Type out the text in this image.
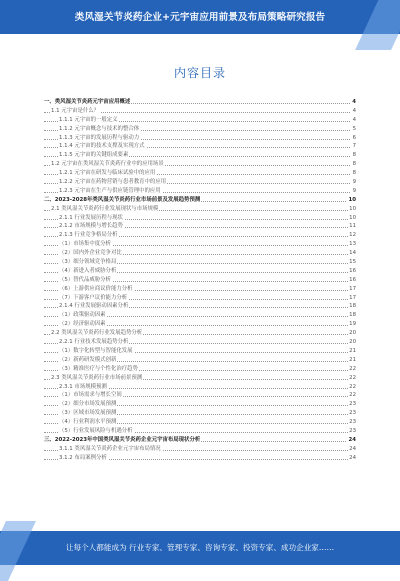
类风湿关节炎药企业+元宇宙应用前景及布局策略研究报告
内容目录
一、类风湿关节炎药元宇宙应用概述	4
1.1 元宇宙是什么？	4
1.1.1 元宇宙的一般定义	4
1.1.2 元宇宙概念与技术的整合体	5
1.1.3 元宇宙的发展历程与驱动力	6
1.1.4 元宇宙的技术支撑及实现方式	7
1.1.5 元宇宙的关键组成要素	8
1.2 元宇宙在类风湿关节炎药行业中的应用场景	8
1.2.1 元宇宙在研发与临床试验中的应用	8
1.2.2 元宇宙在药物营销与患者教育中的应用	9
1.2.3 元宇宙在生产与供应链管理中的应用	9
二、2023-2028年类风湿关节炎药行业市场前景及发展趋势预测	10
2.1 类风湿关节炎药行业发展现状与市场规模	10
2.1.1 行业发展历程与现状	10
2.1.2 市场规模与增长趋势	11
2.1.3 行业竞争格局分析	12
（1）市场集中度分析	13
（2）国内外企业竞争对比	14
（3）细分领域竞争格局	15
（4）新进入者威胁分析	16
（5）替代品威胁分析	16
（6）上游供应商议价能力分析	17
（7）下游客户议价能力分析	17
2.1.4 行业发展驱动因素分析	18
（1）政策驱动因素	18
（2）经济驱动因素	19
2.2 类风湿关节炎药行业发展趋势分析	20
2.2.1 行业技术发展趋势分析	20
（1）数字化转型与智能化发展	21
（2）新药研发模式创新	21
（3）精准医疗与个性化治疗趋势	22
2.3 类风湿关节炎药行业市场前景预测	22
2.3.1 市场规模预测	22
（1）市场需求与增长空间	22
（2）细分市场发展预测	23
（3）区域市场发展预测	23
（4）行业利润水平预测	23
（5）行业发展风险与机遇分析	23
三、2022-2023年中国类风湿关节炎药企业元宇宙布局现状分析	24
3.1.1 类风湿关节炎药企业元宇宙布局情况	24
3.1.2 布局案例分析	24
让每个人都能成为 行业专家、管理专家、咨询专家、投资专家、成功企业家……
